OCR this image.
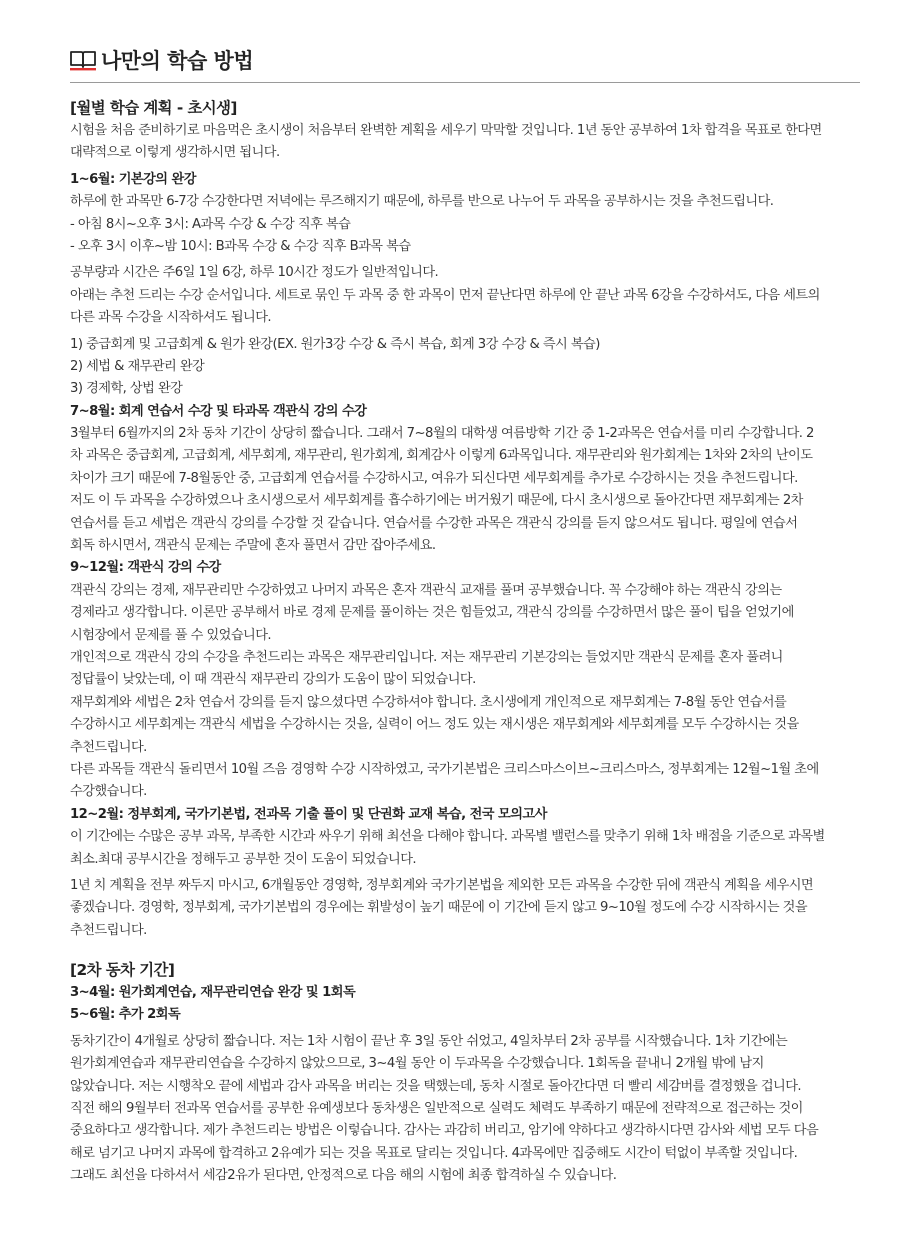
나만의 학습 방법
[월별 학습 계획 - 초시생]
시험을 처음 준비하기로 마음먹은 초시생이 처음부터 완벽한 계획을 세우기 막막할 것입니다. 1년 동안 공부하여 1차 합격을 목표로 한다면
대략적으로 이렇게 생각하시면 됩니다.
1~6월: 기본강의 완강
하루에 한 과목만 6-7강 수강한다면 저녁에는 루즈해지기 때문에, 하루를 반으로 나누어 두 과목을 공부하시는 것을 추천드립니다.
- 아침 8시~오후 3시: A과목 수강 & 수강 직후 복습
- 오후 3시 이후~밤 10시: B과목 수강 & 수강 직후 B과목 복습
공부량과 시간은 주6일 1일 6강, 하루 10시간 정도가 일반적입니다.
아래는 추천 드리는 수강 순서입니다. 세트로 묶인 두 과목 중 한 과목이 먼저 끝난다면 하루에 안 끝난 과목 6강을 수강하셔도, 다음 세트의
다른 과목 수강을 시작하셔도 됩니다.
1) 중급회계 및 고급회계 & 원가 완강(EX. 원가3강 수강 & 즉시 복습, 회계 3강 수강 & 즉시 복습)
2) 세법 & 재무관리 완강
3) 경제학, 상법 완강
7~8월: 회계 연습서 수강 및 타과목 객관식 강의 수강
3월부터 6월까지의 2차 동차 기간이 상당히 짧습니다. 그래서 7~8월의 대학생 여름방학 기간 중 1-2과목은 연습서를 미리 수강합니다. 2
차 과목은 중급회계, 고급회계, 세무회계, 재무관리, 원가회계, 회계감사 이렇게 6과목입니다. 재무관리와 원가회계는 1차와 2차의 난이도
차이가 크기 때문에 7-8월동안 중, 고급회계 연습서를 수강하시고, 여유가 되신다면 세무회계를 추가로 수강하시는 것을 추천드립니다.
저도 이 두 과목을 수강하였으나 초시생으로서 세무회계를 흡수하기에는 버거웠기 때문에, 다시 초시생으로 돌아간다면 재무회계는 2차
연습서를 듣고 세법은 객관식 강의를 수강할 것 같습니다. 연습서를 수강한 과목은 객관식 강의를 듣지 않으셔도 됩니다. 평일에 연습서
회독 하시면서, 객관식 문제는 주말에 혼자 풀면서 감만 잡아주세요.
9~12월: 객관식 강의 수강
객관식 강의는 경제, 재무관리만 수강하였고 나머지 과목은 혼자 객관식 교재를 풀며 공부했습니다. 꼭 수강해야 하는 객관식 강의는
경제라고 생각합니다. 이론만 공부해서 바로 경제 문제를 풀이하는 것은 힘들었고, 객관식 강의를 수강하면서 많은 풀이 팁을 얻었기에
시험장에서 문제를 풀 수 있었습니다.
개인적으로 객관식 강의 수강을 추천드리는 과목은 재무관리입니다. 저는 재무관리 기본강의는 들었지만 객관식 문제를 혼자 풀려니
정답률이 낮았는데, 이 때 객관식 재무관리 강의가 도움이 많이 되었습니다.
재무회계와 세법은 2차 연습서 강의를 듣지 않으셨다면 수강하셔야 합니다. 초시생에게 개인적으로 재무회계는 7-8월 동안 연습서를
수강하시고 세무회계는 객관식 세법을 수강하시는 것을, 실력이 어느 정도 있는 재시생은 재무회계와 세무회계를 모두 수강하시는 것을
추천드립니다.
다른 과목들 객관식 돌리면서 10월 즈음 경영학 수강 시작하였고, 국가기본법은 크리스마스이브~크리스마스, 정부회계는 12월~1월 초에
수강했습니다.
12~2월: 정부회계, 국가기본법, 전과목 기출 풀이 및 단권화 교재 복습, 전국 모의고사
이 기간에는 수많은 공부 과목, 부족한 시간과 싸우기 위해 최선을 다해야 합니다. 과목별 밸런스를 맞추기 위해 1차 배점을 기준으로 과목별
최소.최대 공부시간을 정해두고 공부한 것이 도움이 되었습니다.
1년 치 계획을 전부 짜두지 마시고, 6개월동안 경영학, 정부회계와 국가기본법을 제외한 모든 과목을 수강한 뒤에 객관식 계획을 세우시면
좋겠습니다. 경영학, 정부회계, 국가기본법의 경우에는 휘발성이 높기 때문에 이 기간에 듣지 않고 9~10월 정도에 수강 시작하시는 것을
추천드립니다.
[2차 동차 기간]
3~4월: 원가회계연습, 재무관리연습 완강 및 1회독
5~6월: 추가 2회독
동차기간이 4개월로 상당히 짧습니다. 저는 1차 시험이 끝난 후 3일 동안 쉬었고, 4일차부터 2차 공부를 시작했습니다. 1차 기간에는
원가회계연습과 재무관리연습을 수강하지 않았으므로, 3~4월 동안 이 두과목을 수강했습니다. 1회독을 끝내니 2개월 밖에 남지
않았습니다. 저는 시행착오 끝에 세법과 감사 과목을 버리는 것을 택했는데, 동차 시절로 돌아간다면 더 빨리 세감버를 결정했을 겁니다.
직전 해의 9월부터 전과목 연습서를 공부한 유예생보다 동차생은 일반적으로 실력도 체력도 부족하기 때문에 전략적으로 접근하는 것이
중요하다고 생각합니다. 제가 추천드리는 방법은 이렇습니다. 감사는 과감히 버리고, 암기에 약하다고 생각하시다면 감사와 세법 모두 다음
해로 넘기고 나머지 과목에 합격하고 2유예가 되는 것을 목표로 달리는 것입니다. 4과목에만 집중해도 시간이 턱없이 부족할 것입니다.
그래도 최선을 다하셔서 세감2유가 된다면, 안정적으로 다음 해의 시험에 최종 합격하실 수 있습니다.
